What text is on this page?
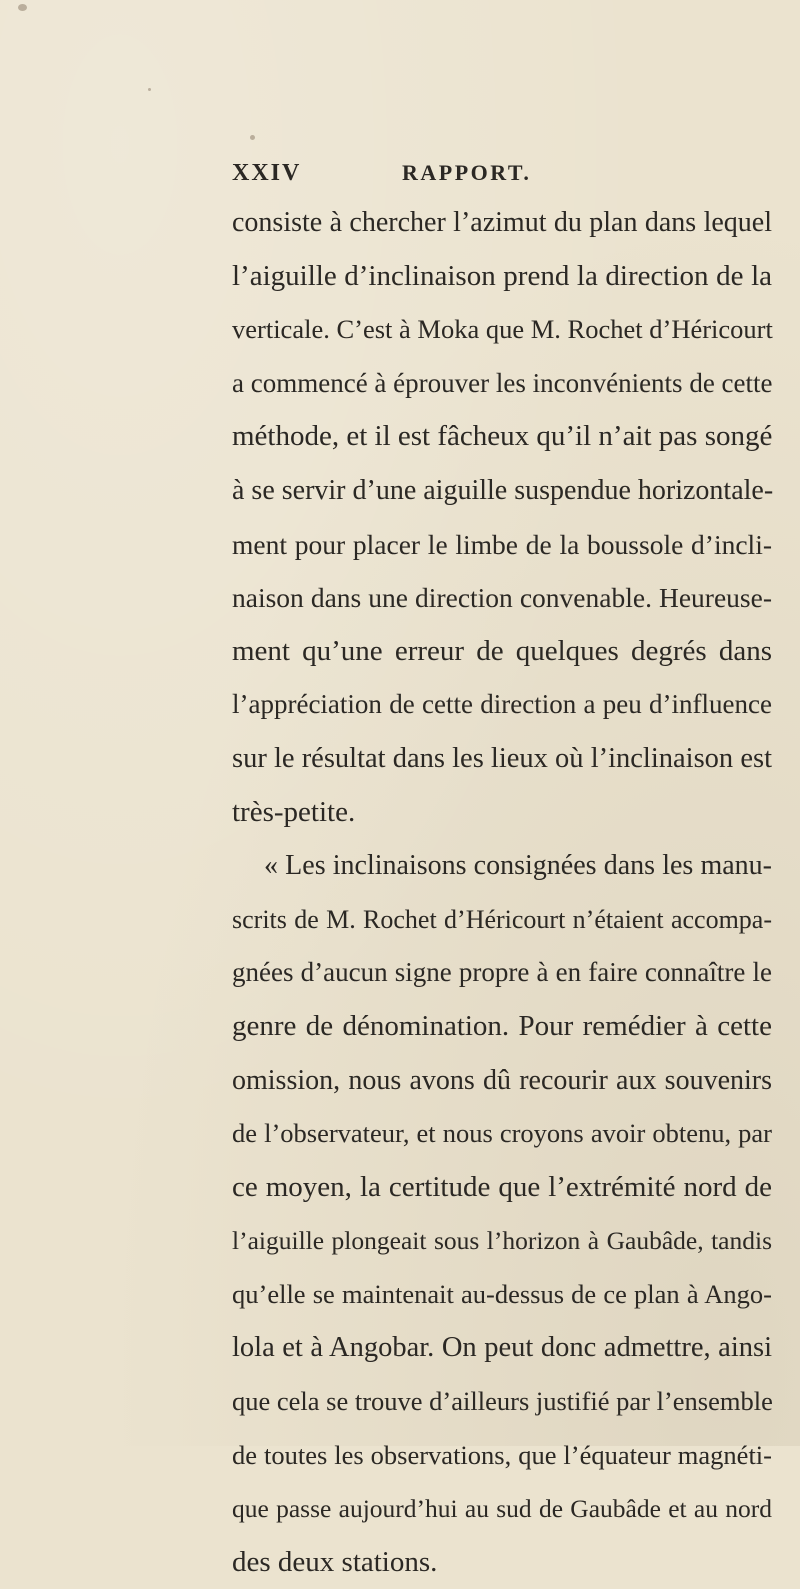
XXIV	RAPPORT.
consiste à chercher l’azimut du plan dans lequel
l’aiguille d’inclinaison prend la direction de la
verticale. C’est à Moka que M. Rochet d’Héricourt
a commencé à éprouver les inconvénients de cette
méthode, et il est fâcheux qu’il n’ait pas songé
à se servir d’une aiguille suspendue horizontale-
ment pour placer le limbe de la boussole d’incli-
naison dans une direction convenable. Heureuse-
ment qu’une erreur de quelques degrés dans
l’appréciation de cette direction a peu d’influence
sur le résultat dans les lieux où l’inclinaison est
très-petite.
« Les inclinaisons consignées dans les manu-
scrits de M. Rochet d’Héricourt n’étaient accompa-
gnées d’aucun signe propre à en faire connaître le
genre de dénomination. Pour remédier à cette
omission, nous avons dû recourir aux souvenirs
de l’observateur, et nous croyons avoir obtenu, par
ce moyen, la certitude que l’extrémité nord de
l’aiguille plongeait sous l’horizon à Gaubâde, tandis
qu’elle se maintenait au-dessus de ce plan à Ango-
lola et à Angobar. On peut donc admettre, ainsi
que cela se trouve d’ailleurs justifié par l’ensemble
de toutes les observations, que l’équateur magnéti-
que passe aujourd’hui au sud de Gaubâde et au nord
des deux stations.
